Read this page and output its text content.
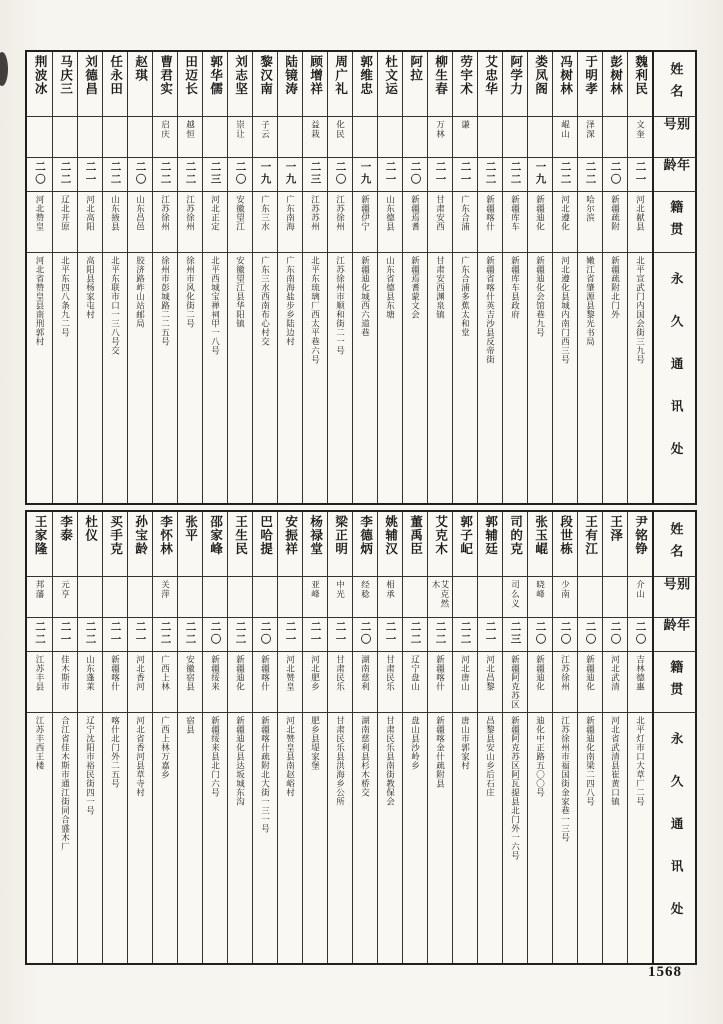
荆波冰
二〇
河北赞皇
河北省赞皇县南刑郭村
马庆三
二二
辽北开原
北平东四八条九二号
刘德昌
二一
河北高阳
高阳县杨家屯村
任永田
二二
山东掖县
北平东联市口一三八号交
赵琪
二〇
山东昌邑
胶济路岞山站邮局
曹君实
启庆
二二
江苏徐州
徐州市彭城路二二五号
田迈长
越恒
二二
江苏徐州
徐州市风化街二号
郭华儒
二三
河北正定
北平西城宝禅祠甲一八号
刘志坚
崇让
二〇
安徽望江
安徽望江县华阳镇
黎汉南
子云
一九
广东三水
广东三水西南布心村交
陆镜涛
一九
广东南海
广东南海盐步乡陆边村
顾增祥
益栽
二三
江苏苏州
北平东琉璃厂西太平巷六号
周广礼
化民
二〇
江苏徐州
江苏徐州市顺和街二一号
郭维忠
一九
新疆伊宁
新疆迪化城西六道巷
杜文运
二一
山东德县
山东省德县东塘
阿拉
二〇
新疆焉耆
新疆焉耆蒙文会
柳生春
万林
二一
甘肃安西
甘肃安西渊泉镇
劳宇术
谦
二一
广东合浦
广东合浦多蕉太和堂
艾忠华
二二
新疆喀什
新疆省喀什英吉沙县反帝街
阿学力
二二
新疆库车
新疆库车县政府
娄凤阁
一九
新疆迪化
新疆迪化会馆巷九号
冯树林
崐山
二二
河北遵化
河北遵化县城内南门西三号
于明孝
泽深
二二
哈尔滨
嫩江省肇源县黎光书局
彭树林
二〇
新疆疏附
新疆疏附北门外
魏利民
文奎
二一
河北献县
北平宣武门内国会街三九号
姓名
别号
年龄
籍贯
永久通讯处
王家隆
邦藩
二二
江苏丰县
江苏丰西王楼
李泰
元亨
二一
佳木斯市
合江省佳木斯市通江街同合盛木厂
杜仪
二二
山东蓬莱
辽宁沈阳市裕民街四一号
买手克
二一
新疆喀什
喀什北门外二五号
孙宝龄
二一
河北香河
河北省香河县草寺村
李怀林
关萍
二二
广西上林
广西上林万嘉乡
张平
二二
安徽宿县
宿县
邵家峰
二〇
新疆绥来
新疆绥来县北门六号
王生民
二二
新疆迪化
新疆迪化县达坂城东沟
巴哈提
二〇
新疆喀什
新疆喀什疏附北大街一三一号
安振祥
二一
河北赞皇
河北赞皇县南赵峪村
杨禄堂
亚峰
二一
河北肥乡
肥乡县堤家堡
梁正明
中光
二一
甘肃民乐
甘肃民乐县洪海乡公所
李德炳
经稔
二〇
湖南慈利
湖南慈利县杉木桥交
姚辅汉
相承
二一
甘肃民乐
甘肃民乐县南街教保会
董禹臣
二二
辽宁盘山
盘山县沙岭乡
艾克木
艾克然木
二二
新疆喀什
新疆喀金什疏附县
郭子屺
二二
河北唐山
唐山市郭家村
郭辅廷
二一
河北昌黎
昌黎县安山乡后石庄
司的克
司么义
二三
新疆阿克苏区
新疆阿克苏区阿瓦提县北门外一六号
张玉崐
晓峰
二〇
新疆迪化
迪化中正路五〇〇号
段世栋
少南
二〇
江苏徐州
江苏徐州市福国街金家巷一三号
王有江
二〇
新疆迪化
新疆迪化南梁二四八号
王泽
二〇
河北武清
河北省武清县崔黄口镇
尹铭铮
介山
二〇
吉林德惠
北平灯市口大草厂二号
姓名
别号
年龄
籍贯
永久通讯处
1568
